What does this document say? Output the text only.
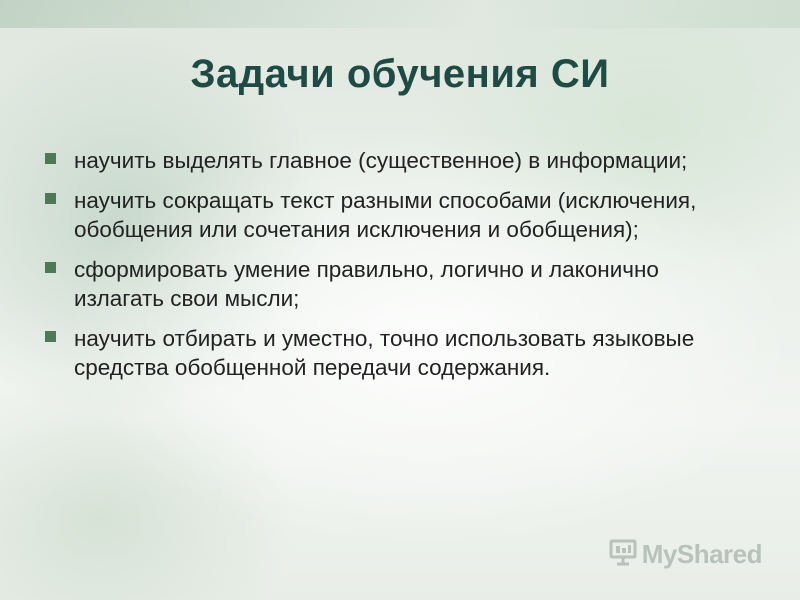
Задачи обучения СИ
научить выделять главное (существенное) в информации;
научить сокращать текст разными способами (исключения, обобщения или сочетания исключения и обобщения);
сформировать умение правильно, логично и лаконично излагать свои мысли;
научить отбирать и уместно, точно использовать языковые средства обобщенной передачи содержания.
MyShared
